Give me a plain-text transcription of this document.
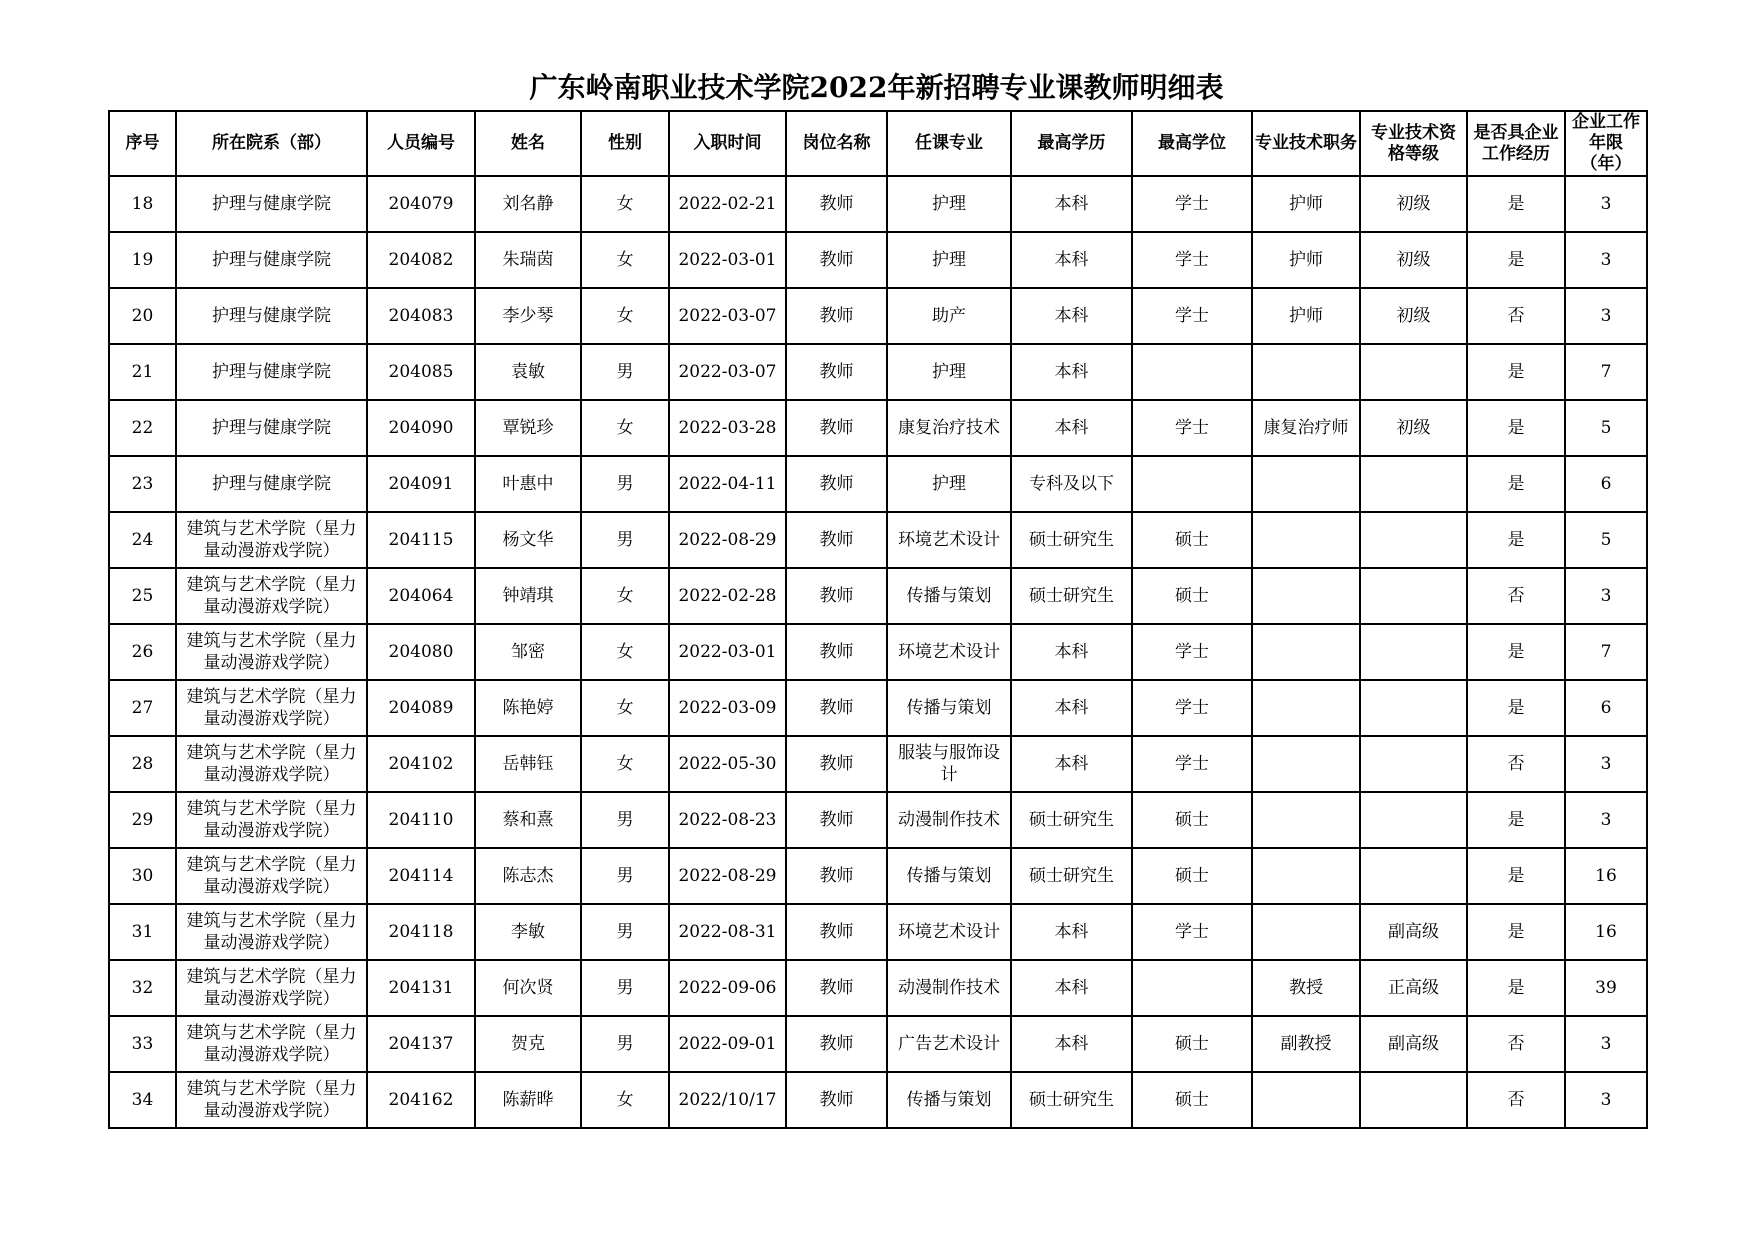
广东岭南职业技术学院2022年新招聘专业课教师明细表
序号	所在院系（部）	人员编号	姓名	性别	入职时间	岗位名称	任课专业	最高学历	最高学位	专业技术职务	专业技术资格等级	是否具企业工作经历	企业工作年限（年）
18	护理与健康学院	204079	刘名静	女	2022-02-21	教师	护理	本科	学士	护师	初级	是	3
19	护理与健康学院	204082	朱瑞茵	女	2022-03-01	教师	护理	本科	学士	护师	初级	是	3
20	护理与健康学院	204083	李少琴	女	2022-03-07	教师	助产	本科	学士	护师	初级	否	3
21	护理与健康学院	204085	袁敏	男	2022-03-07	教师	护理	本科				是	7
22	护理与健康学院	204090	覃锐珍	女	2022-03-28	教师	康复治疗技术	本科	学士	康复治疗师	初级	是	5
23	护理与健康学院	204091	叶惠中	男	2022-04-11	教师	护理	专科及以下				是	6
24	建筑与艺术学院（星力量动漫游戏学院）	204115	杨文华	男	2022-08-29	教师	环境艺术设计	硕士研究生	硕士			是	5
25	建筑与艺术学院（星力量动漫游戏学院）	204064	钟靖琪	女	2022-02-28	教师	传播与策划	硕士研究生	硕士			否	3
26	建筑与艺术学院（星力量动漫游戏学院）	204080	邹密	女	2022-03-01	教师	环境艺术设计	本科	学士			是	7
27	建筑与艺术学院（星力量动漫游戏学院）	204089	陈艳婷	女	2022-03-09	教师	传播与策划	本科	学士			是	6
28	建筑与艺术学院（星力量动漫游戏学院）	204102	岳韩钰	女	2022-05-30	教师	服装与服饰设计	本科	学士			否	3
29	建筑与艺术学院（星力量动漫游戏学院）	204110	蔡和熹	男	2022-08-23	教师	动漫制作技术	硕士研究生	硕士			是	3
30	建筑与艺术学院（星力量动漫游戏学院）	204114	陈志杰	男	2022-08-29	教师	传播与策划	硕士研究生	硕士			是	16
31	建筑与艺术学院（星力量动漫游戏学院）	204118	李敏	男	2022-08-31	教师	环境艺术设计	本科	学士		副高级	是	16
32	建筑与艺术学院（星力量动漫游戏学院）	204131	何次贤	男	2022-09-06	教师	动漫制作技术	本科		教授	正高级	是	39
33	建筑与艺术学院（星力量动漫游戏学院）	204137	贺克	男	2022-09-01	教师	广告艺术设计	本科	硕士	副教授	副高级	否	3
34	建筑与艺术学院（星力量动漫游戏学院）	204162	陈薪晔	女	2022/10/17	教师	传播与策划	硕士研究生	硕士			否	3
